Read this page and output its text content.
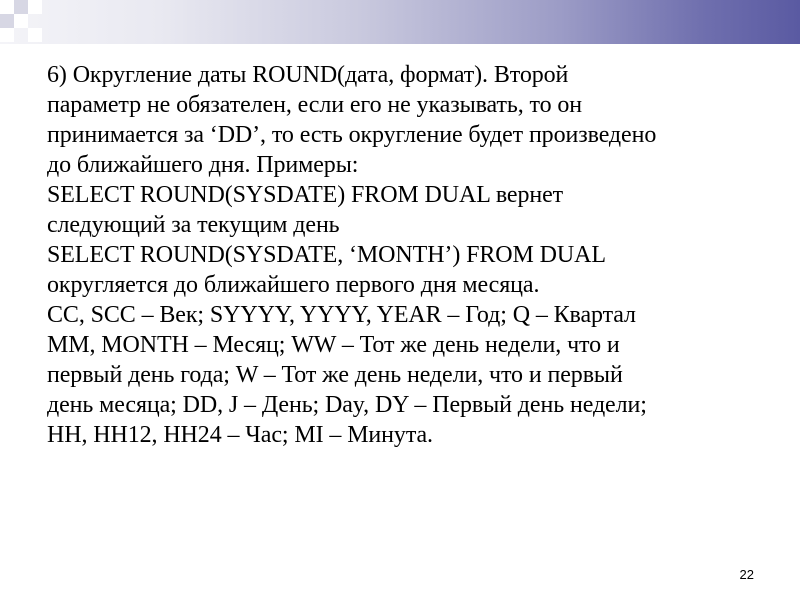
6) Округление даты ROUND(дата, формат). Второй
параметр не обязателен, если его не указывать, то он
принимается за ‘DD’, то есть округление будет произведено
до ближайшего дня. Примеры:
SELECT ROUND(SYSDATE) FROM DUAL вернет
следующий за текущим день
SELECT ROUND(SYSDATE, ‘MONTH’) FROM DUAL
округляется до ближайшего первого дня месяца.
CC, SCC – Век; SYYYY, YYYY, YEAR – Год; Q – Квартал
MM, MONTH – Месяц; WW – Тот же день недели, что и
первый день года; W – Тот же день недели, что и первый
день месяца; DD, J – День; Day, DY – Первый день недели;
HH, HH12, HH24 – Час; MI – Минута.
22
